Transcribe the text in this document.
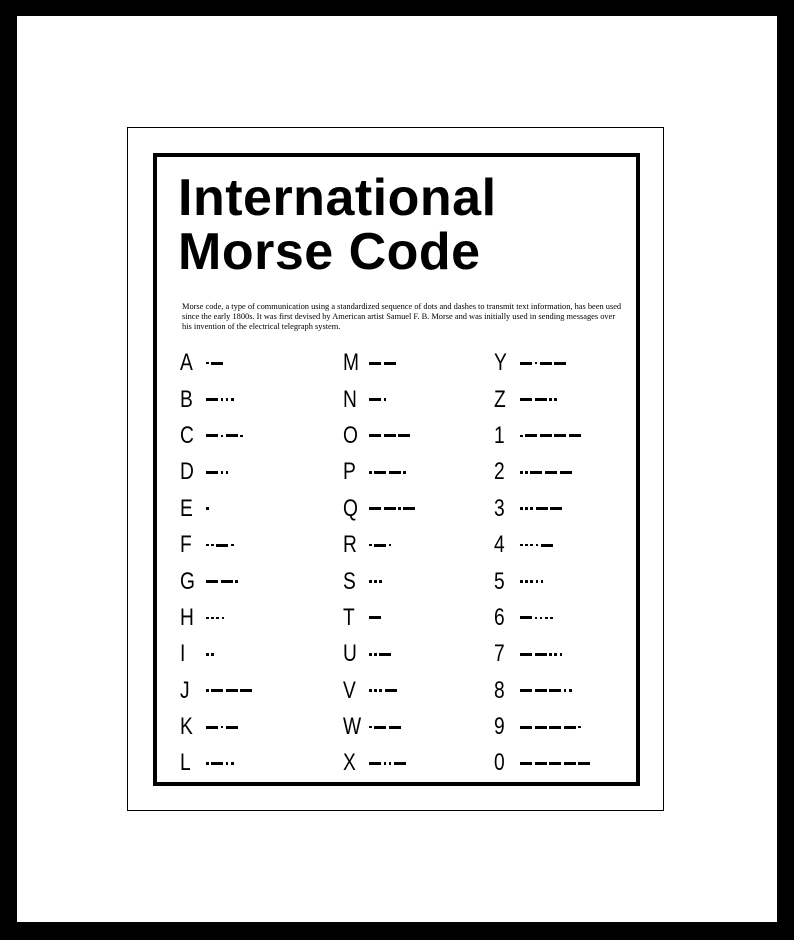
International
Morse Code
Morse code, a type of communication using a standardized sequence of dots and dashes to transmit text information, has been used since the early 1800s. It was first devised by American artist Samuel F. B. Morse and was initially used in sending messages over his invention of the electrical telegraph system.
A
B
C
D
E
F
G
H
I
J
K
L
M
N
O
P
Q
R
S
T
U
V
W
X
Y
Z
1
2
3
4
5
6
7
8
9
0
